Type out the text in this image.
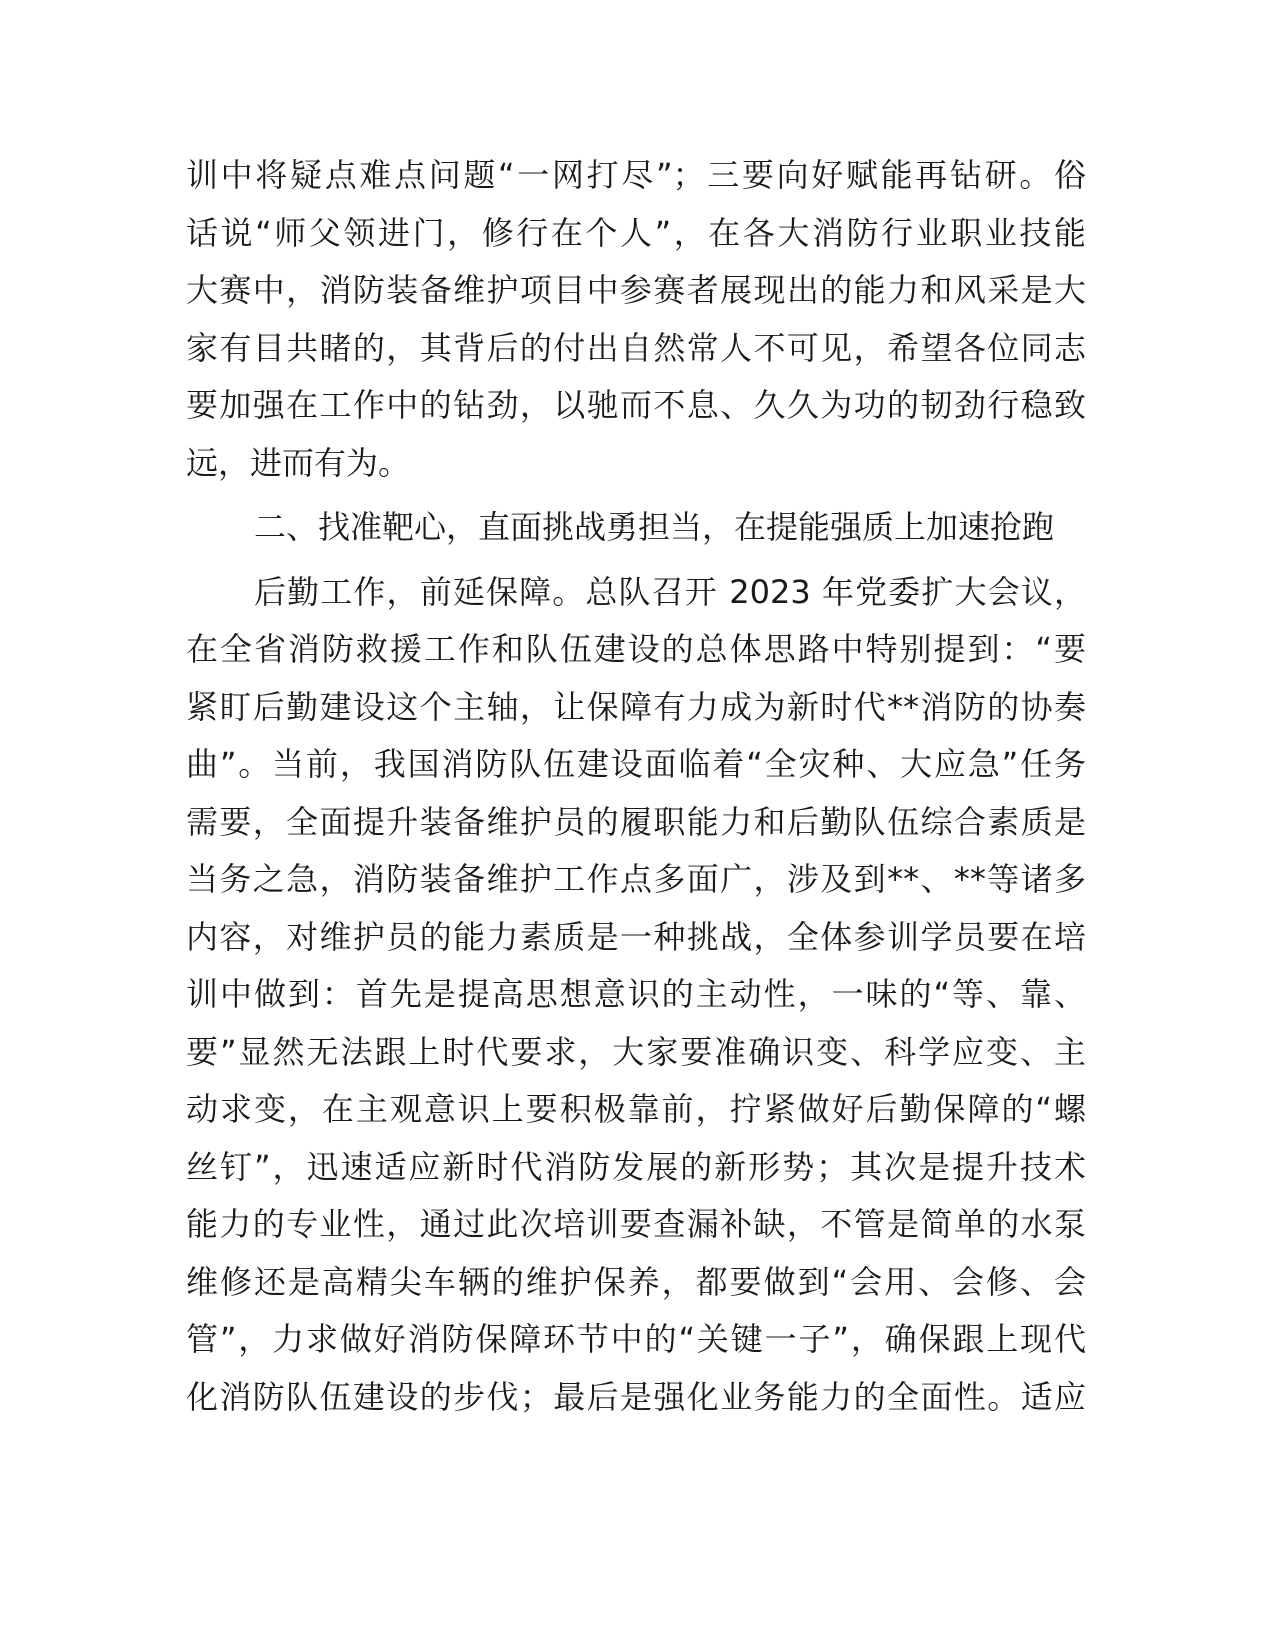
训中将疑点难点问题“一网打尽”；三要向好赋能再钻研。俗
话说“师父领进门，修行在个人”，在各大消防行业职业技能
大赛中，消防装备维护项目中参赛者展现出的能力和风采是大
家有目共睹的，其背后的付出自然常人不可见，希望各位同志
要加强在工作中的钻劲，以驰而不息、久久为功的韧劲行稳致
远，进而有为。
二、找准靶心，直面挑战勇担当，在提能强质上加速抢跑
后勤工作，前延保障。总队召开 2023 年党委扩大会议，
在全省消防救援工作和队伍建设的总体思路中特别提到：“要
紧盯后勤建设这个主轴，让保障有力成为新时代**消防的协奏
曲”。当前，我国消防队伍建设面临着“全灾种、大应急”任务
需要，全面提升装备维护员的履职能力和后勤队伍综合素质是
当务之急，消防装备维护工作点多面广，涉及到**、**等诸多
内容，对维护员的能力素质是一种挑战，全体参训学员要在培
训中做到：首先是提高思想意识的主动性，一味的“等、靠、
要”显然无法跟上时代要求，大家要准确识变、科学应变、主
动求变，在主观意识上要积极靠前，拧紧做好后勤保障的“螺
丝钉”，迅速适应新时代消防发展的新形势；其次是提升技术
能力的专业性，通过此次培训要查漏补缺，不管是简单的水泵
维修还是高精尖车辆的维护保养，都要做到“会用、会修、会
管”，力求做好消防保障环节中的“关键一子”，确保跟上现代
化消防队伍建设的步伐；最后是强化业务能力的全面性。适应
